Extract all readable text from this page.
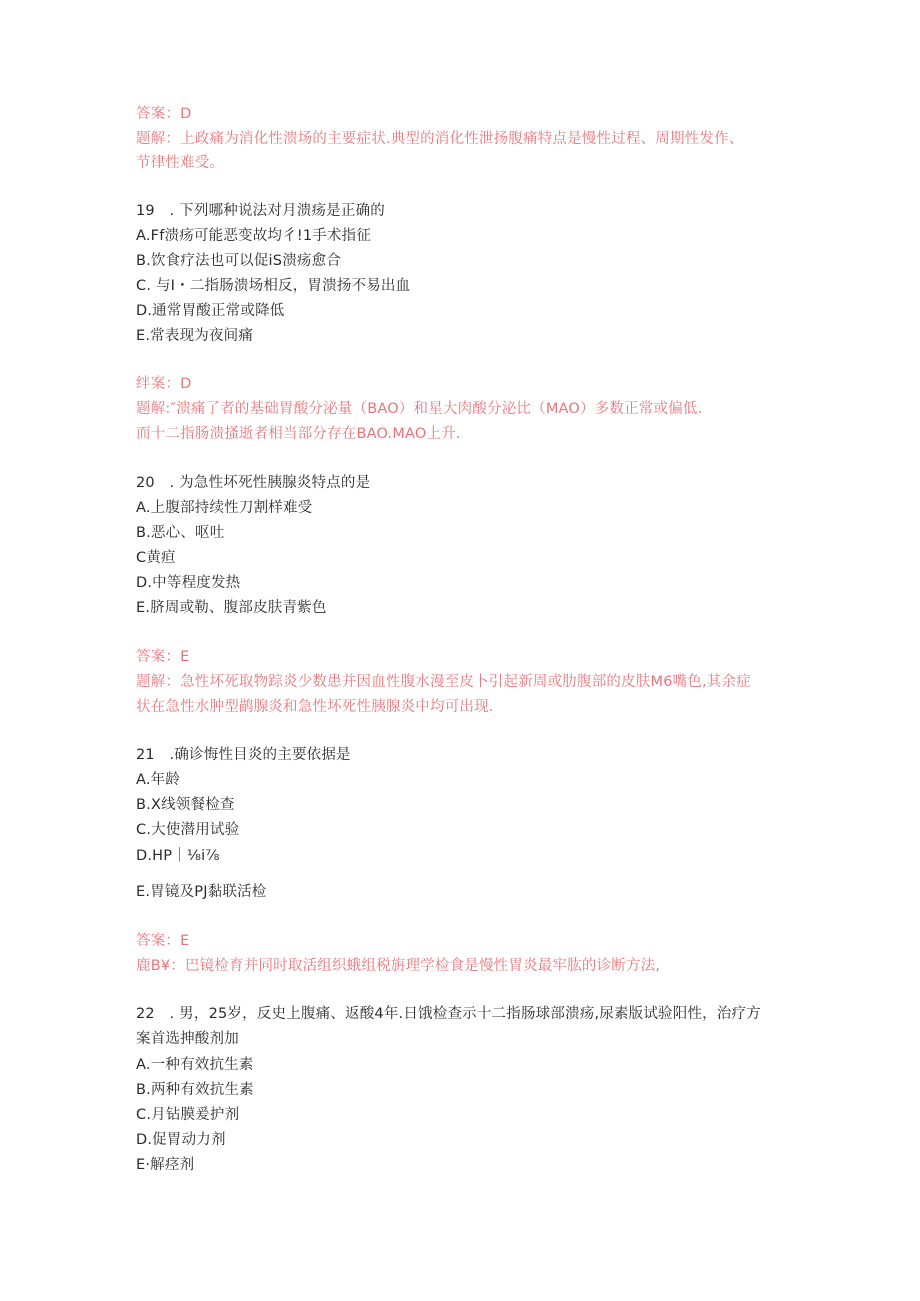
答案：D
题解：上政痛为消化性溃场的主要症状.典型的消化性泄扬腹痛特点是慢性过程、周期性发作、
节律性难受。
19　. 下列哪种说法对月溃疡是正确的
A.Ff溃疡可能恶变故均彳!1手术指征
B.饮食疗法也可以促iS溃疡愈合
C. 与I・二指肠溃场相反，胃溃扬不易出血
D.通常胃酸正常或降低
E.常表现为夜间痛
绊案：D
题解:″溃痛了者的基础胃酸分泌量（BAO）和星大肉酸分泌比（MAO）多数正常或偏低.
而十二指肠溃搔逝者相当部分存在BAO.MAO上升.
20　. 为急性坏死性胰腺炎特点的是
A.上腹部持续性刀割样难受
B.恶心、呕吐
C黄疸
D.中等程度发热
E.脐周或勒、腹部皮肤青紫色
答案：E
题解：急性坏死取物踪炎少数患并因血性腹水漫至皮卜引起新周或肋腹部的皮肤M6嘴色,其余症
状在急性水肿型鹋腺炎和急性坏死性胰腺炎中均可出现.
21　.确诊悔性目炎的主要依据是
A.年龄
B.X线领餐检查
C.大使潜用试验
D.HP｜⅛i⅞
E.胃镜及PJ黏联活检
答案：E
鹿B¥：巴镜检育并同时取活组织蛾组税旃理学检食是慢性胃炎最牢肱的诊断方法,
22　. 男，25岁，反史上腹痛、返酸4年.日饿检查示十二指肠球部溃疡,尿素版试验阳性，治疗方
案首选抻酸剂加
A.一种有效抗生素
B.两种有效抗生素
C.月钻膜爰护剂
D.促胃动力剂
E·解痉剂
